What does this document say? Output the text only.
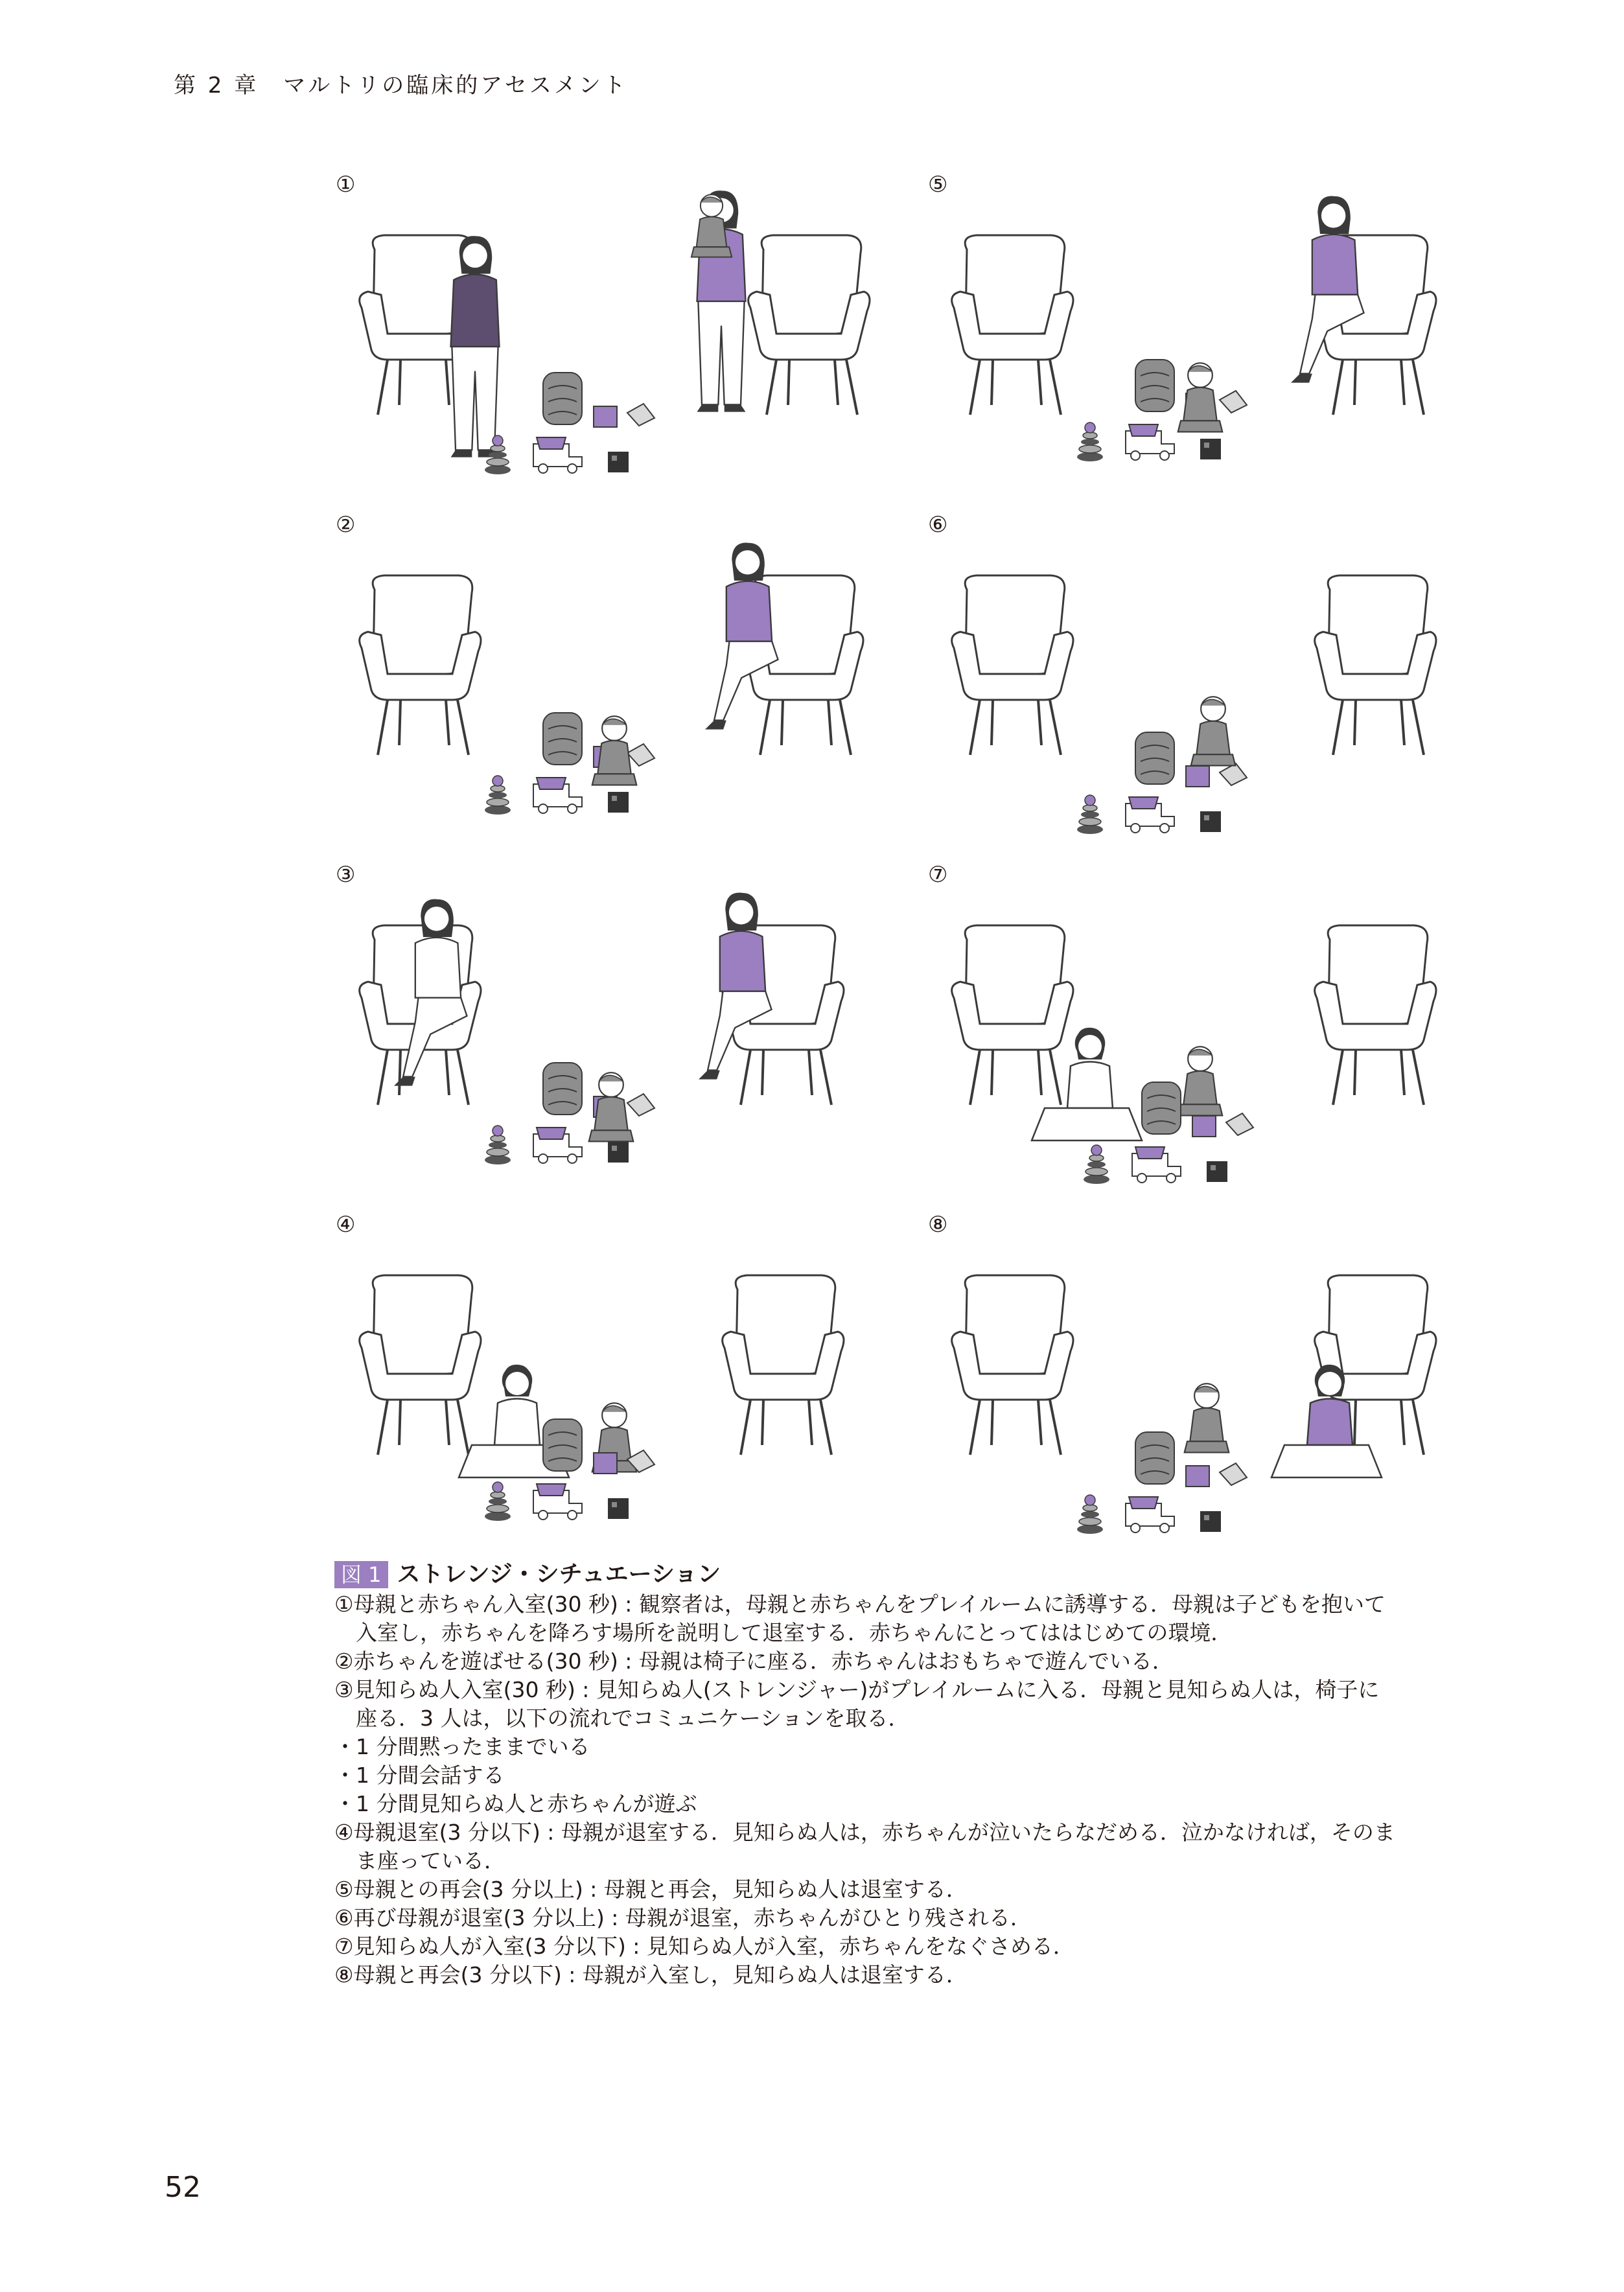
第 2 章　マルトリの臨床的アセスメント
①	⑤
②	⑥
③	⑦
④	⑧
図 1 ストレンジ・シチュエーション
①母親と赤ちゃん入室(30 秒) : 観察者は，母親と赤ちゃんをプレイルームに誘導する．母親は子どもを抱いて
入室し，赤ちゃんを降ろす場所を説明して退室する．赤ちゃんにとってははじめての環境．
②赤ちゃんを遊ばせる(30 秒) : 母親は椅子に座る．赤ちゃんはおもちゃで遊んでいる．
③見知らぬ人入室(30 秒) : 見知らぬ人(ストレンジャー)がプレイルームに入る．母親と見知らぬ人は，椅子に
座る．3 人は，以下の流れでコミュニケーションを取る．
・1 分間黙ったままでいる
・1 分間会話する
・1 分間見知らぬ人と赤ちゃんが遊ぶ
④母親退室(3 分以下) : 母親が退室する．見知らぬ人は，赤ちゃんが泣いたらなだめる．泣かなければ，そのま
ま座っている．
⑤母親との再会(3 分以上) : 母親と再会，見知らぬ人は退室する．
⑥再び母親が退室(3 分以上) : 母親が退室，赤ちゃんがひとり残される．
⑦見知らぬ人が入室(3 分以下) : 見知らぬ人が入室，赤ちゃんをなぐさめる．
⑧母親と再会(3 分以下) : 母親が入室し，見知らぬ人は退室する．
52
